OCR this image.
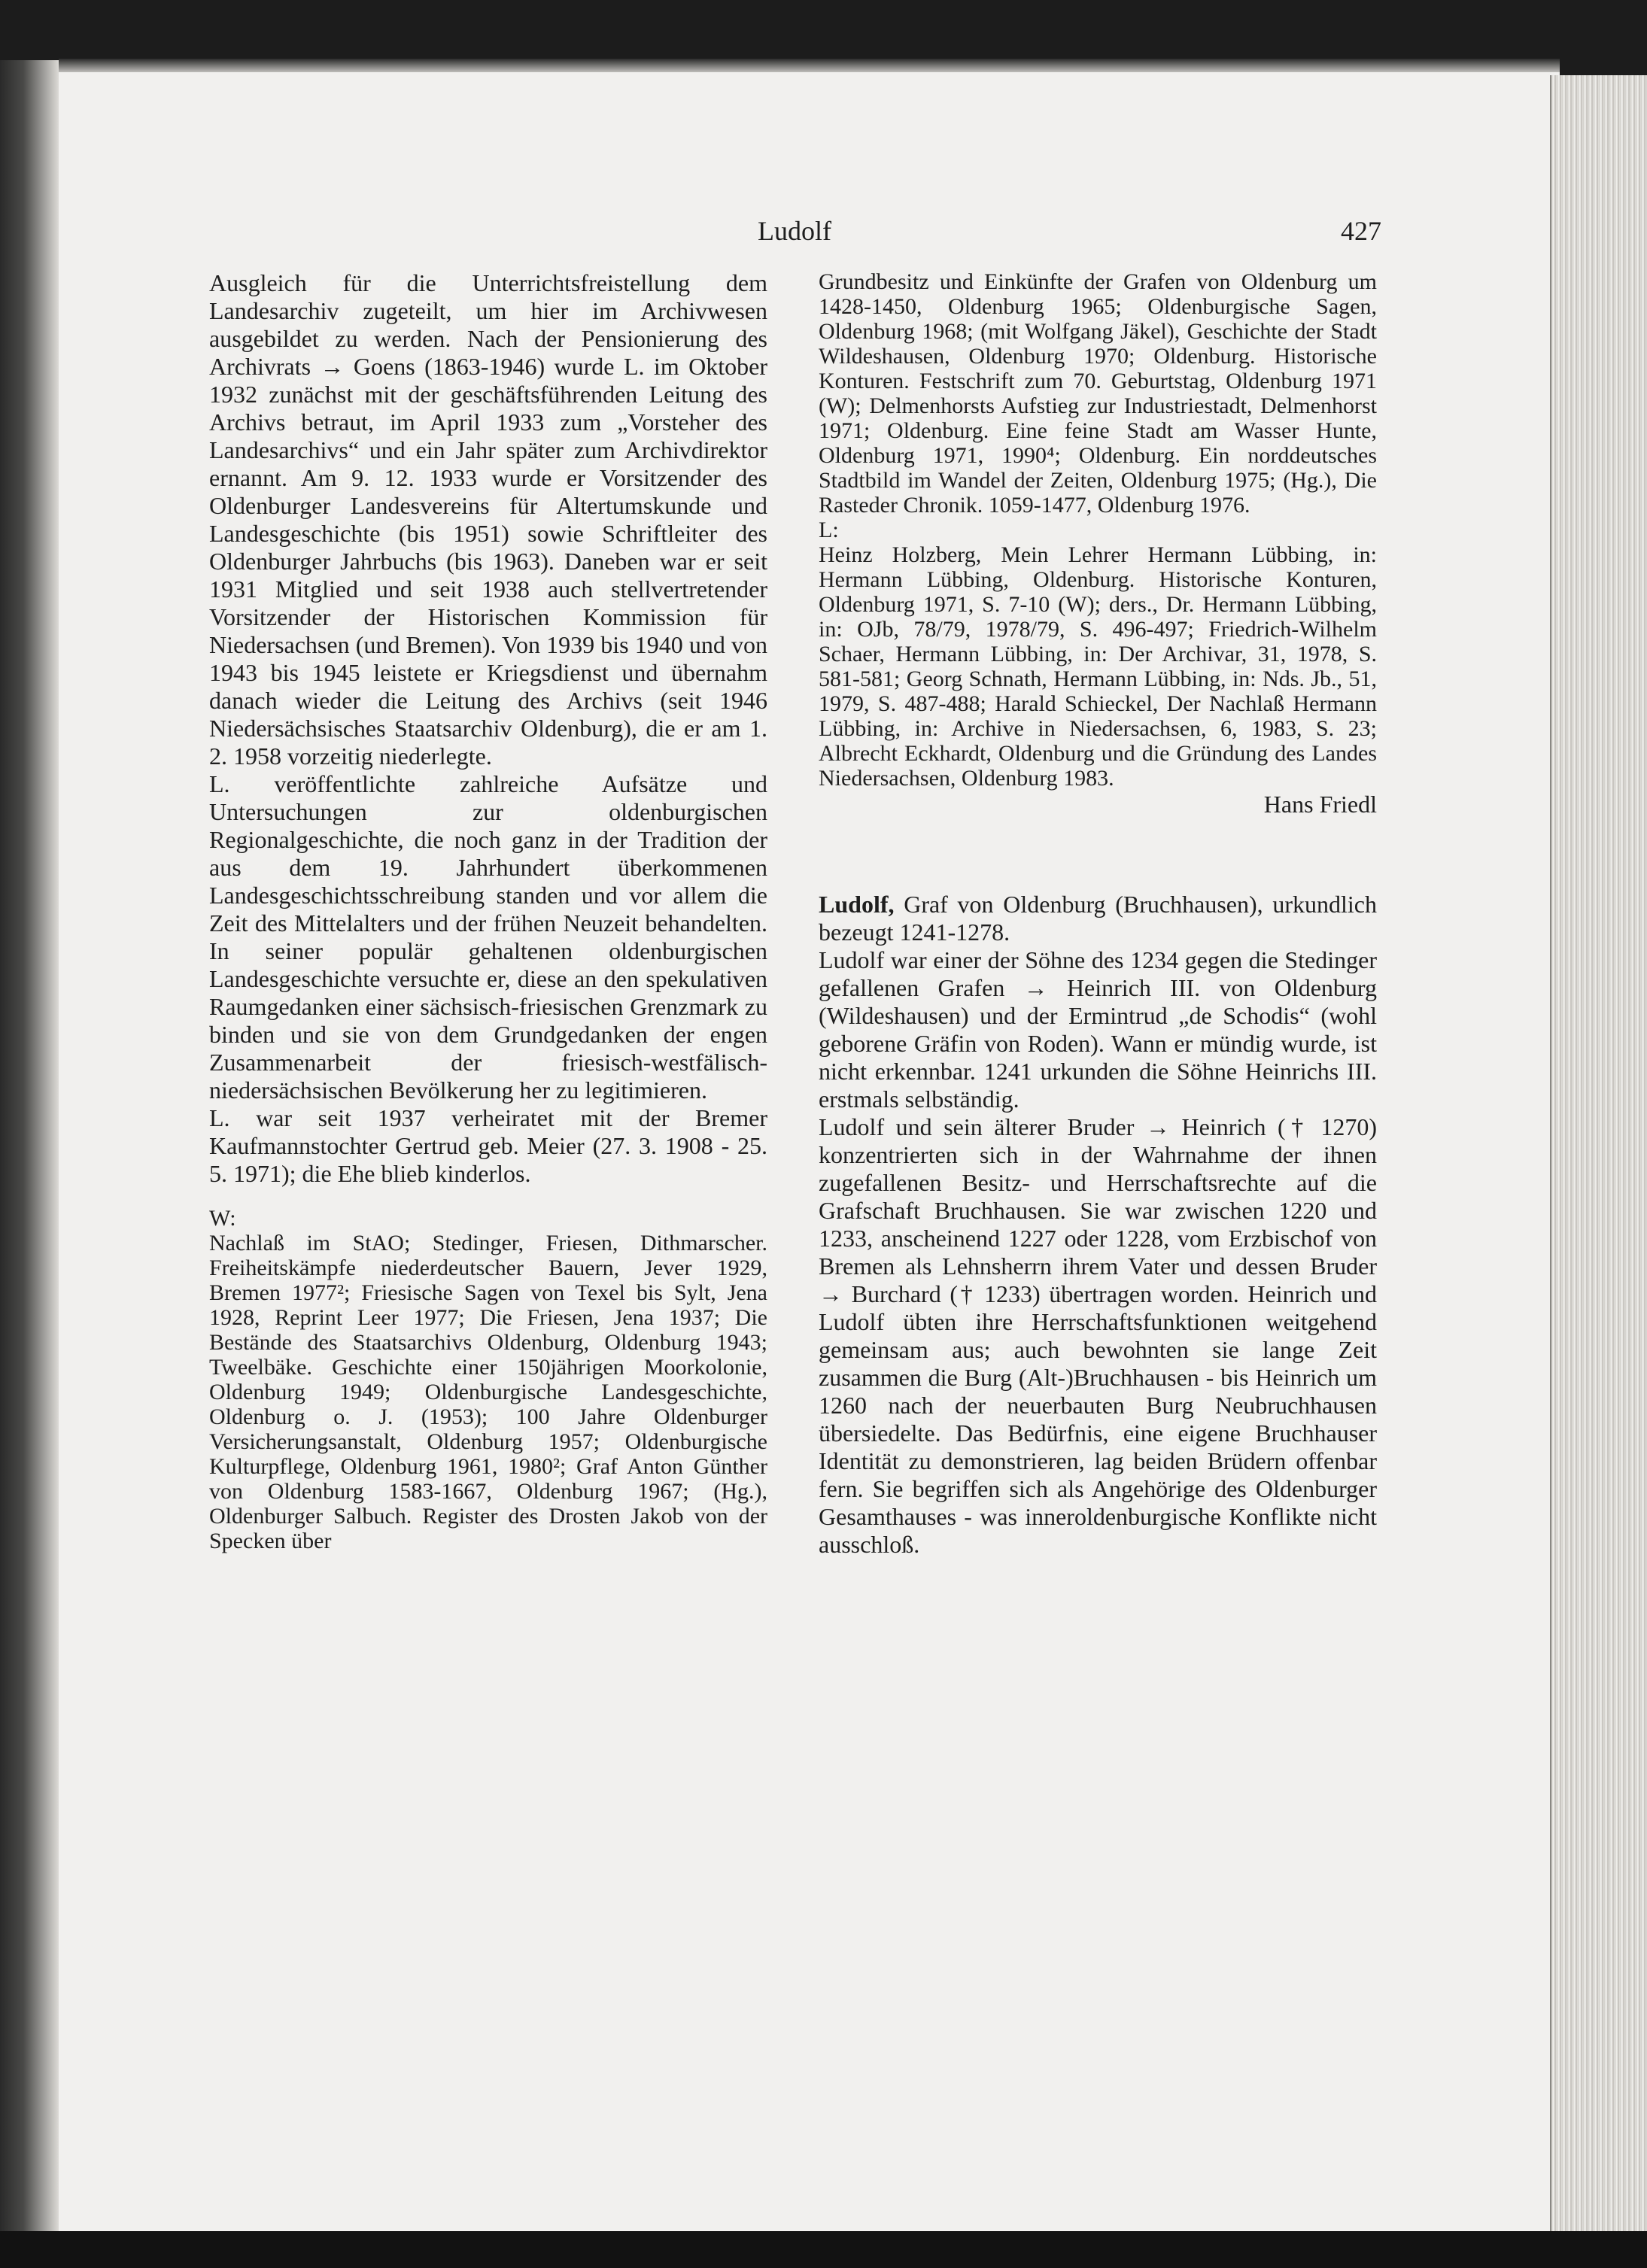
Ludolf	427

Ausgleich für die Unterrichtsfreistellung dem Landesarchiv zugeteilt, um hier im Archivwesen ausgebildet zu werden. Nach der Pensionierung des Archivrats → Goens (1863-1946) wurde L. im Oktober 1932 zunächst mit der geschäftsführenden Leitung des Archivs betraut, im April 1933 zum „Vorsteher des Landesarchivs“ und ein Jahr später zum Archivdirektor ernannt. Am 9. 12. 1933 wurde er Vorsitzender des Oldenburger Landesvereins für Altertumskunde und Landesgeschichte (bis 1951) sowie Schriftleiter des Oldenburger Jahrbuchs (bis 1963). Daneben war er seit 1931 Mitglied und seit 1938 auch stellvertretender Vorsitzender der Historischen Kommission für Niedersachsen (und Bremen). Von 1939 bis 1940 und von 1943 bis 1945 leistete er Kriegsdienst und übernahm danach wieder die Leitung des Archivs (seit 1946 Niedersächsisches Staatsarchiv Oldenburg), die er am 1. 2. 1958 vorzeitig niederlegte.

L. veröffentlichte zahlreiche Aufsätze und Untersuchungen zur oldenburgischen Regionalgeschichte, die noch ganz in der Tradition der aus dem 19. Jahrhundert überkommenen Landesgeschichtsschreibung standen und vor allem die Zeit des Mittelalters und der frühen Neuzeit behandelten. In seiner populär gehaltenen oldenburgischen Landesgeschichte versuchte er, diese an den spekulativen Raumgedanken einer sächsisch-friesischen Grenzmark zu binden und sie von dem Grundgedanken der engen Zusammenarbeit der friesisch-westfälisch-niedersächsischen Bevölkerung her zu legitimieren.

L. war seit 1937 verheiratet mit der Bremer Kaufmannstochter Gertrud geb. Meier (27. 3. 1908 - 25. 5. 1971); die Ehe blieb kinderlos.

W:

Nachlaß im StAO; Stedinger, Friesen, Dithmarscher. Freiheitskämpfe niederdeutscher Bauern, Jever 1929, Bremen 1977²; Friesische Sagen von Texel bis Sylt, Jena 1928, Reprint Leer 1977; Die Friesen, Jena 1937; Die Bestände des Staatsarchivs Oldenburg, Oldenburg 1943; Tweelbäke. Geschichte einer 150jährigen Moorkolonie, Oldenburg 1949; Oldenburgische Landesgeschichte, Oldenburg o. J. (1953); 100 Jahre Oldenburger Versicherungsanstalt, Oldenburg 1957; Oldenburgische Kulturpflege, Oldenburg 1961, 1980²; Graf Anton Günther von Oldenburg 1583-1667, Oldenburg 1967; (Hg.), Oldenburger Salbuch. Register des Drosten Jakob von der Specken über

Grundbesitz und Einkünfte der Grafen von Oldenburg um 1428-1450, Oldenburg 1965; Oldenburgische Sagen, Oldenburg 1968; (mit Wolfgang Jäkel), Geschichte der Stadt Wildeshausen, Oldenburg 1970; Oldenburg. Historische Konturen. Festschrift zum 70. Geburtstag, Oldenburg 1971 (W); Delmenhorsts Aufstieg zur Industriestadt, Delmenhorst 1971; Oldenburg. Eine feine Stadt am Wasser Hunte, Oldenburg 1971, 1990⁴; Oldenburg. Ein norddeutsches Stadtbild im Wandel der Zeiten, Oldenburg 1975; (Hg.), Die Rasteder Chronik. 1059-1477, Oldenburg 1976.

L:

Heinz Holzberg, Mein Lehrer Hermann Lübbing, in: Hermann Lübbing, Oldenburg. Historische Konturen, Oldenburg 1971, S. 7-10 (W); ders., Dr. Hermann Lübbing, in: OJb, 78/79, 1978/79, S. 496-497; Friedrich-Wilhelm Schaer, Hermann Lübbing, in: Der Archivar, 31, 1978, S. 581-581; Georg Schnath, Hermann Lübbing, in: Nds. Jb., 51, 1979, S. 487-488; Harald Schieckel, Der Nachlaß Hermann Lübbing, in: Archive in Niedersachsen, 6, 1983, S. 23; Albrecht Eckhardt, Oldenburg und die Gründung des Landes Niedersachsen, Oldenburg 1983.

Hans Friedl

Ludolf, Graf von Oldenburg (Bruchhausen), urkundlich bezeugt 1241-1278.

Ludolf war einer der Söhne des 1234 gegen die Stedinger gefallenen Grafen → Heinrich III. von Oldenburg (Wildeshausen) und der Ermintrud „de Schodis“ (wohl geborene Gräfin von Roden). Wann er mündig wurde, ist nicht erkennbar. 1241 urkunden die Söhne Heinrichs III. erstmals selbständig.

Ludolf und sein älterer Bruder → Heinrich († 1270) konzentrierten sich in der Wahrnahme der ihnen zugefallenen Besitz- und Herrschaftsrechte auf die Grafschaft Bruchhausen. Sie war zwischen 1220 und 1233, anscheinend 1227 oder 1228, vom Erzbischof von Bremen als Lehnsherrn ihrem Vater und dessen Bruder → Burchard († 1233) übertragen worden. Heinrich und Ludolf übten ihre Herrschaftsfunktionen weitgehend gemeinsam aus; auch bewohnten sie lange Zeit zusammen die Burg (Alt-)Bruchhausen - bis Heinrich um 1260 nach der neuerbauten Burg Neubruchhausen übersiedelte. Das Bedürfnis, eine eigene Bruchhauser Identität zu demonstrieren, lag beiden Brüdern offenbar fern. Sie begriffen sich als Angehörige des Oldenburger Gesamthauses - was inneroldenburgische Konflikte nicht ausschloß.
